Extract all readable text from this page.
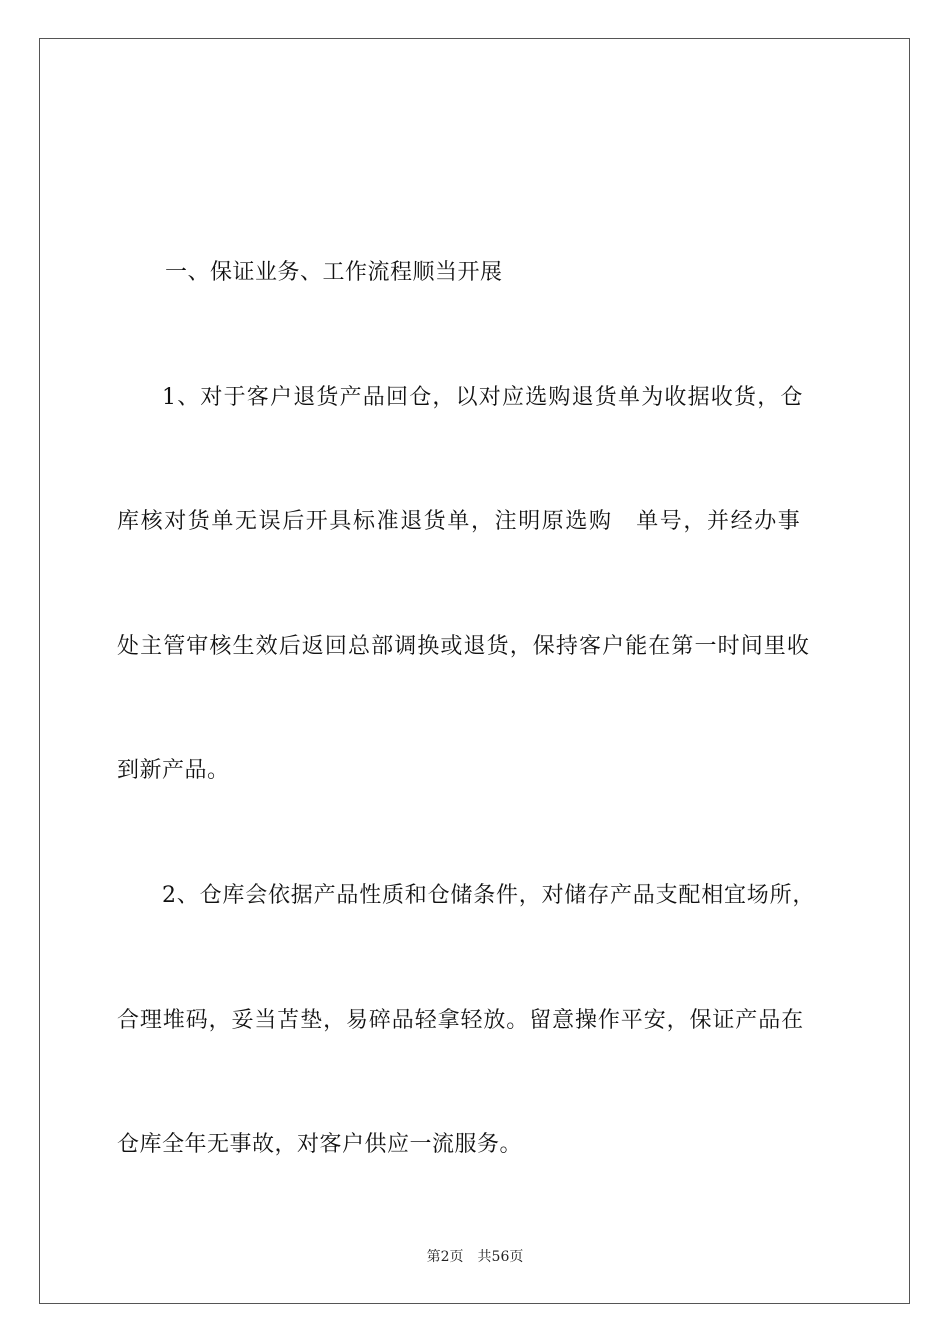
一、保证业务、工作流程顺当开展
1、对于客户退货产品回仓，以对应选购退货单为收据收货，仓
库核对货单无误后开具标准退货单，注明原选购　单号，并经办事
处主管审核生效后返回总部调换或退货，保持客户能在第一时间里收
到新产品。
2、仓库会依据产品性质和仓储条件，对储存产品支配相宜场所，
合理堆码，妥当苫垫，易碎品轻拿轻放。留意操作平安，保证产品在
仓库全年无事故，对客户供应一流服务。
第2页 共56页
